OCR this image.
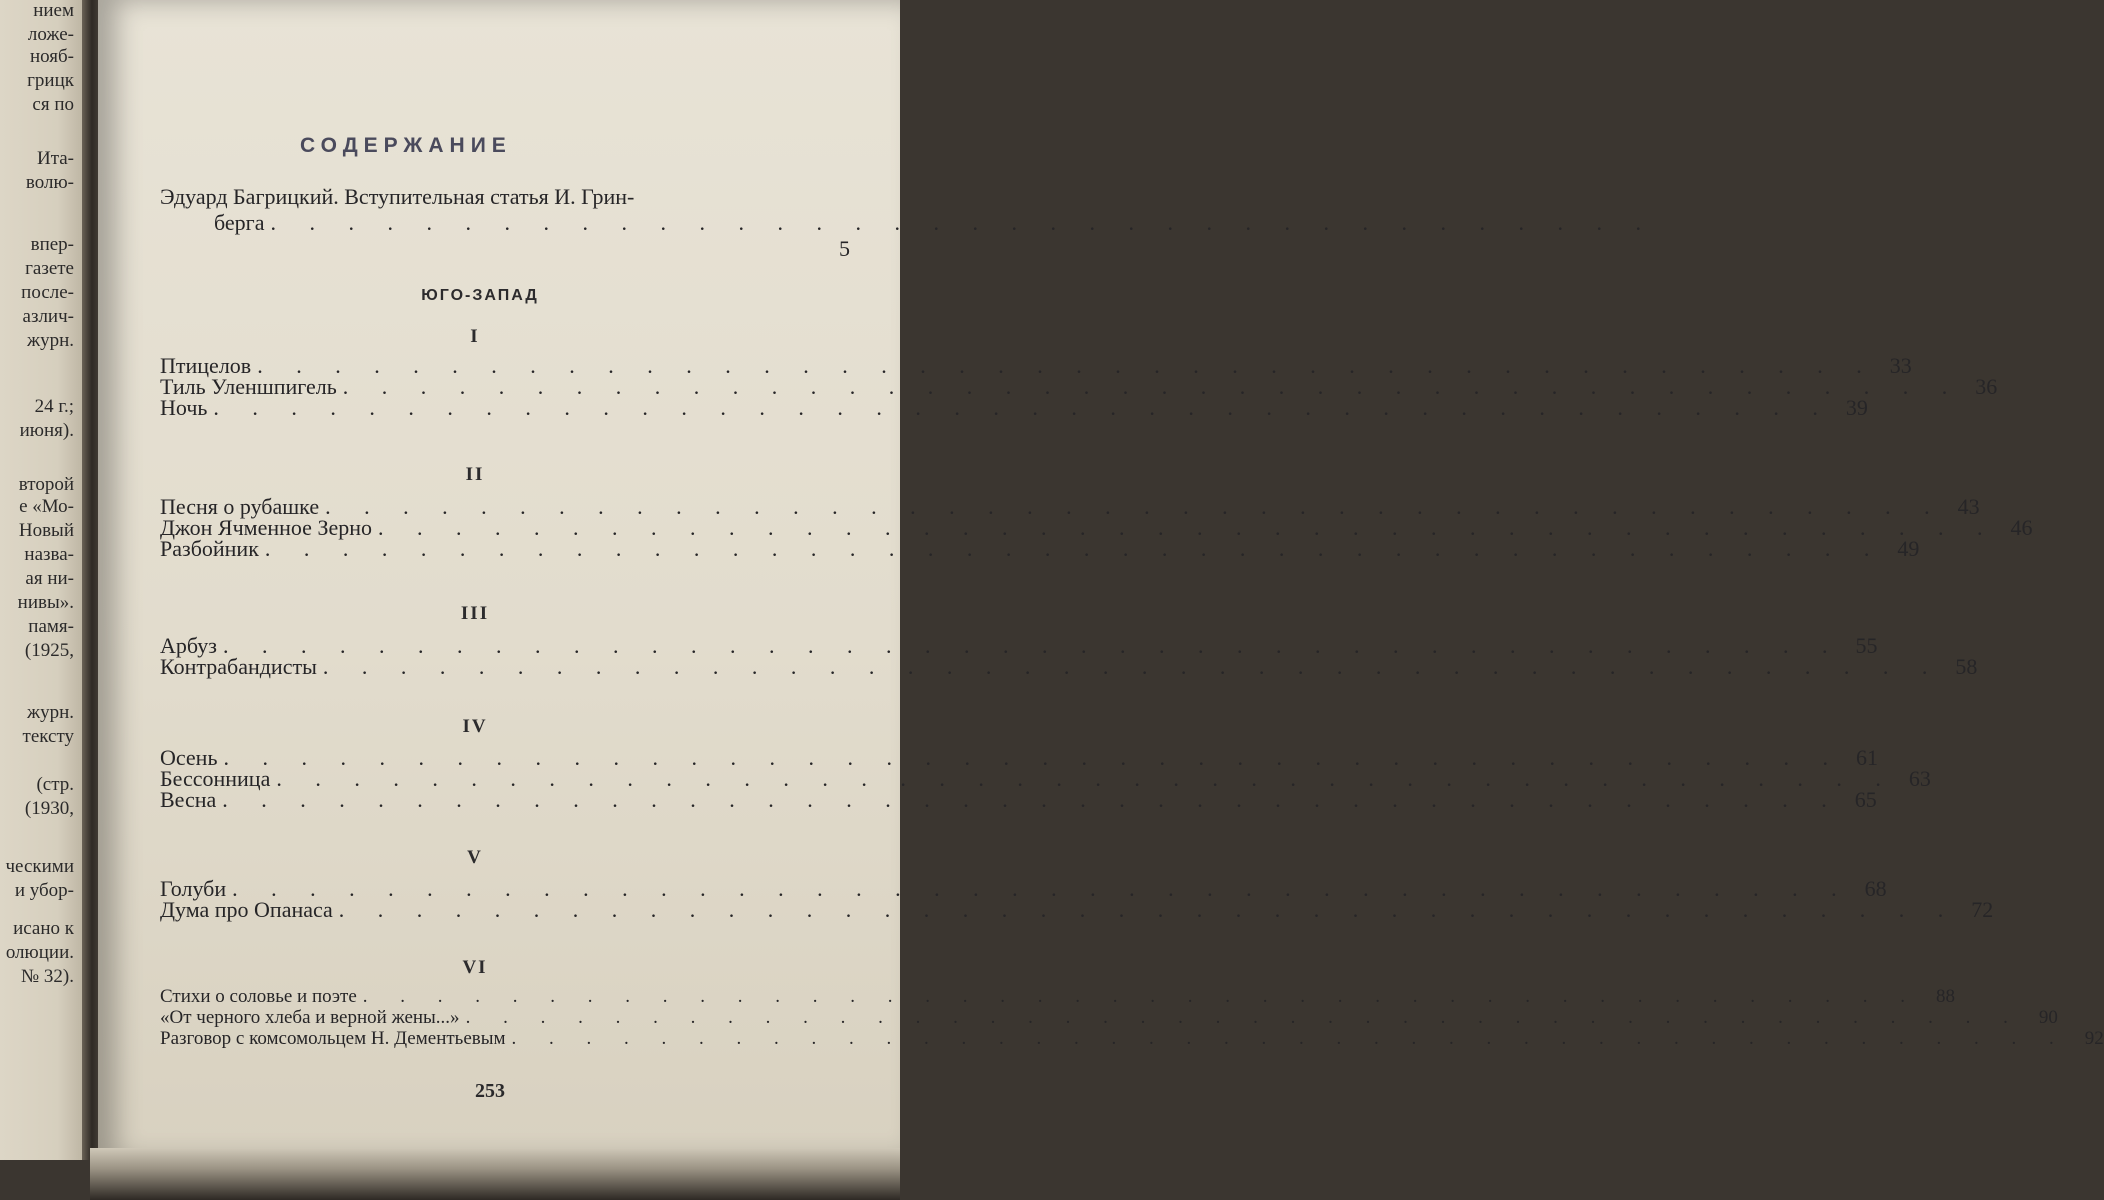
нием
ложе-
нояб-
грицк
ся по
Ита-
волю-
впер-
газете
после-
азлич-
журн.
24 г.;
июня).
второй
е «Мо-
Новый
назва-
ая ни-
нивы».
памя-
(1925,
журн.
тексту
(стр.
(1930,
ческими
и убор-
исано к
олюции.
№ 32).
СОДЕРЖАНИЕ
Эдуард Багрицкий. Вступительная статья И. Грин-
берга . . . . . . . . . . . . . . . . . . . . . . . . . . . . . . . . . . . .
5
ЮГО-ЗАПАД
I
Птицелов . . . . . . . . . . . . . . . . . . . . . . . . . . . . . . . . . . . . . . . . . . 33
Тиль Уленшпигель . . . . . . . . . . . . . . . . . . . . . . . . . . . . . . . . . . . . . . . . . . 36
Ночь . . . . . . . . . . . . . . . . . . . . . . . . . . . . . . . . . . . . . . . . . . 39
II
Песня о рубашке . . . . . . . . . . . . . . . . . . . . . . . . . . . . . . . . . . . . . . . . . . 43
Джон Ячменное Зерно . . . . . . . . . . . . . . . . . . . . . . . . . . . . . . . . . . . . . . . . . . 46
Разбойник . . . . . . . . . . . . . . . . . . . . . . . . . . . . . . . . . . . . . . . . . . 49
III
Арбуз . . . . . . . . . . . . . . . . . . . . . . . . . . . . . . . . . . . . . . . . . . 55
Контрабандисты . . . . . . . . . . . . . . . . . . . . . . . . . . . . . . . . . . . . . . . . . . 58
IV
Осень . . . . . . . . . . . . . . . . . . . . . . . . . . . . . . . . . . . . . . . . . . 61
Бессонница . . . . . . . . . . . . . . . . . . . . . . . . . . . . . . . . . . . . . . . . . . 63
Весна . . . . . . . . . . . . . . . . . . . . . . . . . . . . . . . . . . . . . . . . . . 65
V
Голуби . . . . . . . . . . . . . . . . . . . . . . . . . . . . . . . . . . . . . . . . . . 68
Дума про Опанаса . . . . . . . . . . . . . . . . . . . . . . . . . . . . . . . . . . . . . . . . . . 72
VI
Стихи о соловье и поэте . . . . . . . . . . . . . . . . . . . . . . . . . . . . . . . . . . . . . . . . . . 88
«От черного хлеба и верной жены...» . . . . . . . . . . . . . . . . . . . . . . . . . . . . . . . . . . . . . . . . . . 90
Разговор с комсомольцем Н. Дементьевым . . . . . . . . . . . . . . . . . . . . . . . . . . . . . . . . . . . . . . . . . . 92
253
